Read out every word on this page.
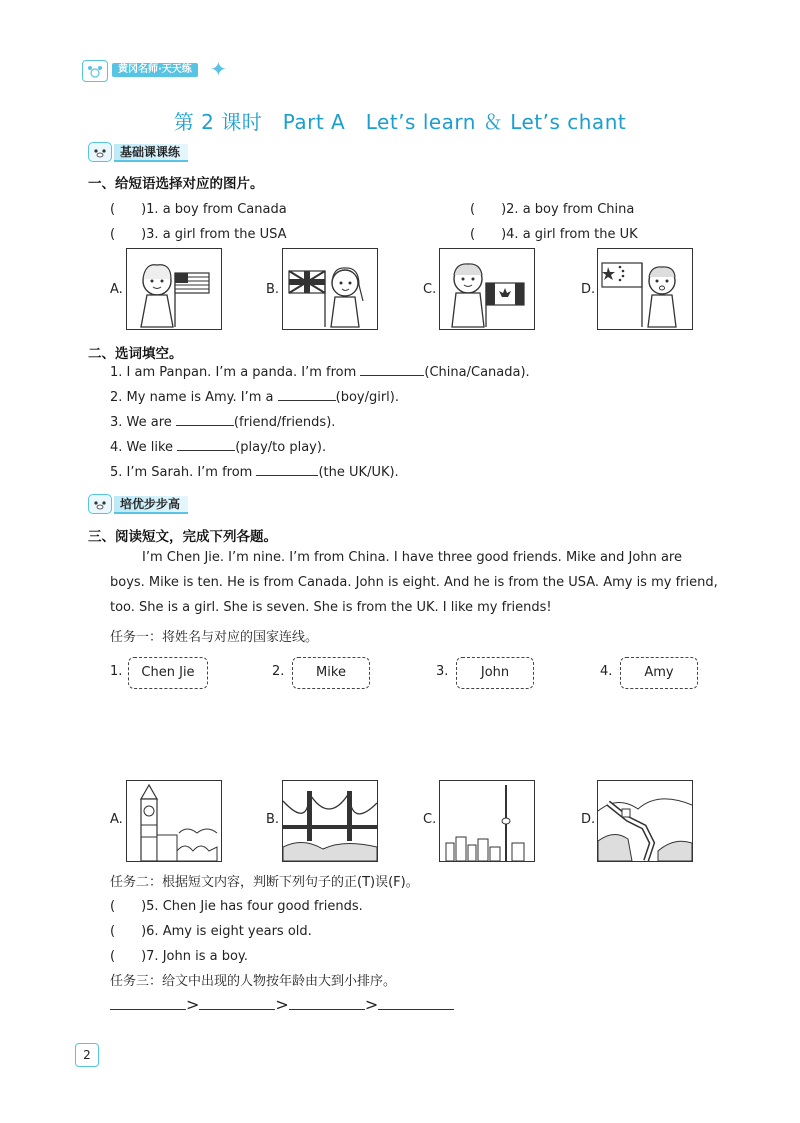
黄冈名师·天天练 ✦
第 2 课时　Part A　Let’s learn ＆ Let’s chant
基础课课练
一、给短语选择对应的图片。
(　　)1. a boy from Canada	(　　)2. a boy from China
(　　)3. a girl from the USA	(　　)4. a girl from the UK
A.	B.	C.	D.
二、选词填空。
1. I am Panpan. I’m a panda. I’m from	(China/Canada).
2. My name is Amy. I’m a	(boy/girl).
3. We are	(friend/friends).
4. We like	(play/to play).
5. I’m Sarah. I’m from	(the UK/UK).
培优步步高
三、阅读短文，完成下列各题。
I’m Chen Jie. I’m nine. I’m from China. I have three good friends. Mike and John are
boys. Mike is ten. He is from Canada. John is eight. And he is from the USA. Amy is my friend,
too. She is a girl. She is seven. She is from the UK. I like my friends!
任务一：将姓名与对应的国家连线。
1.	Chen Jie	2.	Mike	3.	John	4.	Amy
A.	B.	C.	D.
任务二：根据短文内容，判断下列句子的正(T)误(F)。
(　　)5. Chen Jie has four good friends.
(　　)6. Amy is eight years old.
(　　)7. John is a boy.
任务三：给文中出现的人物按年龄由大到小排序。
>	>	>
2
